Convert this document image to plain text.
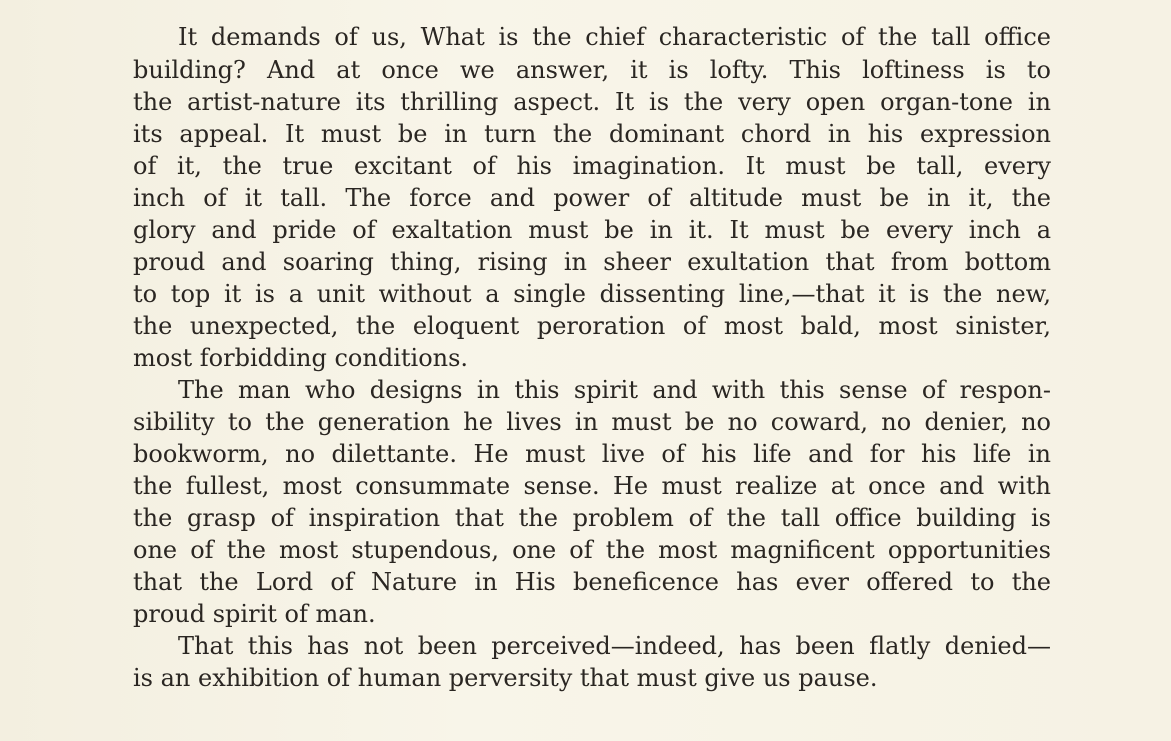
It demands of us, What is the chief characteristic of the tall office

building? And at once we answer, it is lofty. This loftiness is to

the artist-nature its thrilling aspect. It is the very open organ-tone in

its appeal. It must be in turn the dominant chord in his expression

of it, the true excitant of his imagination. It must be tall, every

inch of it tall. The force and power of altitude must be in it, the

glory and pride of exaltation must be in it. It must be every inch a

proud and soaring thing, rising in sheer exultation that from bottom

to top it is a unit without a single dissenting line,—that it is the new,

the unexpected, the eloquent peroration of most bald, most sinister,

most forbidding conditions.

The man who designs in this spirit and with this sense of respon-

sibility to the generation he lives in must be no coward, no denier, no

bookworm, no dilettante. He must live of his life and for his life in

the fullest, most consummate sense. He must realize at once and with

the grasp of inspiration that the problem of the tall office building is

one of the most stupendous, one of the most magnificent opportunities

that the Lord of Nature in His beneficence has ever offered to the

proud spirit of man.

That this has not been perceived—indeed, has been flatly denied—

is an exhibition of human perversity that must give us pause.
